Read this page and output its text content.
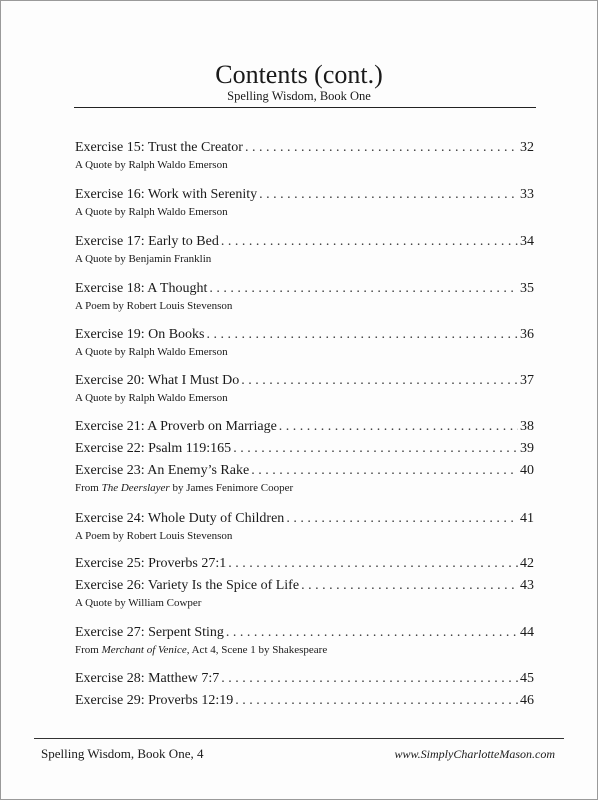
Contents (cont.)
Spelling Wisdom, Book One
Exercise 15: Trust the Creator . . .	32
A Quote by Ralph Waldo Emerson
Exercise 16: Work with Serenity . . .	33
A Quote by Ralph Waldo Emerson
Exercise 17: Early to Bed . . .	34
A Quote by Benjamin Franklin
Exercise 18: A Thought . . .	35
A Poem by Robert Louis Stevenson
Exercise 19: On Books . . .	36
A Quote by Ralph Waldo Emerson
Exercise 20: What I Must Do . . .	37
A Quote by Ralph Waldo Emerson
Exercise 21: A Proverb on Marriage . . .	38
Exercise 22: Psalm 119:165 . . .	39
Exercise 23: An Enemy’s Rake . . .	40
From The Deerslayer by James Fenimore Cooper
Exercise 24: Whole Duty of Children . . .	41
A Poem by Robert Louis Stevenson
Exercise 25: Proverbs 27:1 . . .	42
Exercise 26: Variety Is the Spice of Life . . .	43
A Quote by William Cowper
Exercise 27: Serpent Sting . . .	44
From Merchant of Venice, Act 4, Scene 1 by Shakespeare
Exercise 28: Matthew 7:7 . . .	45
Exercise 29: Proverbs 12:19 . . .	46
Spelling Wisdom, Book One, 4	www.SimplyCharlotteMason.com
